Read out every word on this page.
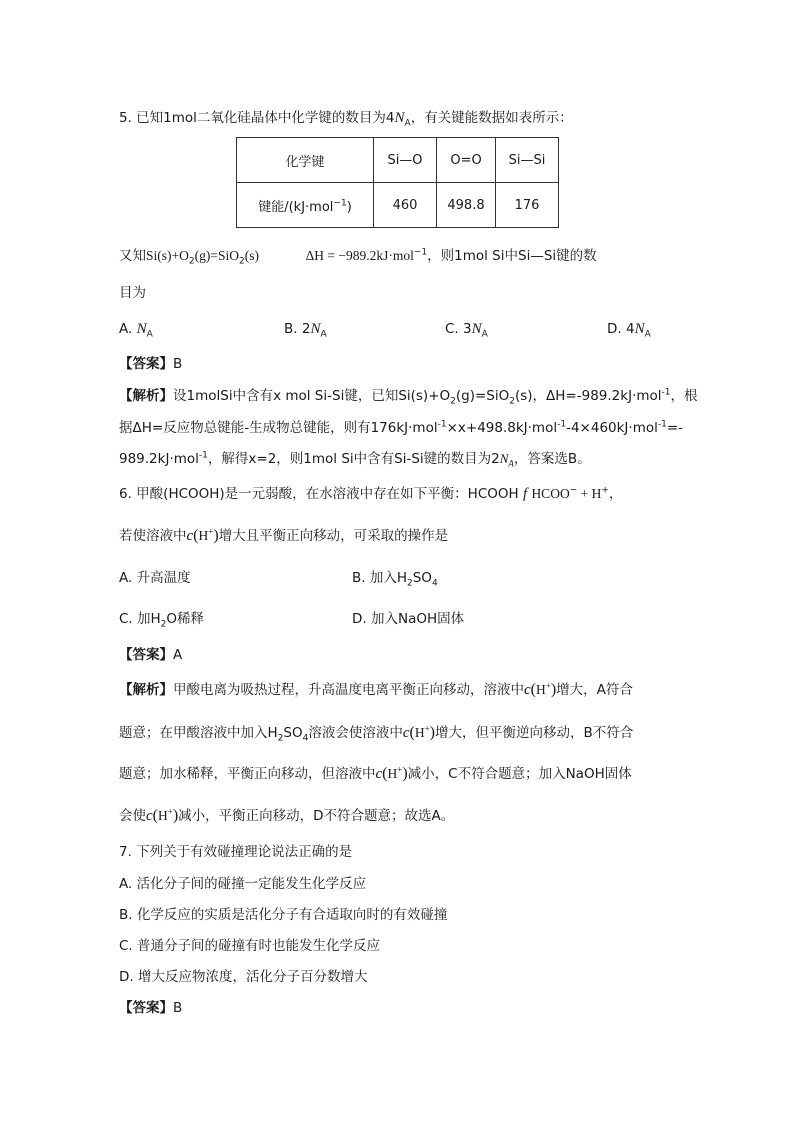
5. 已知1mol二氧化硅晶体中化学键的数目为$4N_A$，有关键能数据如表所示：
化学键	Si—O	O=O	Si—Si
键能/(kJ·mol$^{-1}$)	460	498.8	176
又知$Si(s)+O_2(g)=SiO_2(s)$	ΔH = −989.2kJ·mol$^{-1}$，则1mol Si中Si—Si键的数
目为
A. $N_A$	B. $2N_A$	C. $3N_A$	D. $4N_A$
【答案】B
【解析】设1molSi中含有x mol Si-Si键，已知$Si(s)+O_2(g)=SiO_2(s)$，ΔH=-989.2kJ·mol$^{-1}$，根
据ΔH=反应物总键能-生成物总键能，则有176kJ·mol$^{-1}$×x+498.8kJ·mol$^{-1}$-4×460kJ·mol$^{-1}$=-
989.2kJ·mol$^{-1}$，解得x=2，则1mol Si中含有Si-Si键的数目为$2N_A$，答案选B。
6. 甲酸(HCOOH)是一元弱酸，在水溶液中存在如下平衡：HCOOH f HCOO− + H+，
若使溶液中c(H+)增大且平衡正向移动，可采取的操作是
A. 升高温度	B. 加入$H_2SO_4$
C. 加$H_2O$稀释	D. 加入NaOH固体
【答案】A
【解析】甲酸电离为吸热过程，升高温度电离平衡正向移动，溶液中c(H+)增大，A符合
题意；在甲酸溶液中加入$H_2SO_4$溶液会使溶液中c(H+)增大，但平衡逆向移动，B不符合
题意；加水稀释，平衡正向移动，但溶液中c(H+)减小，C不符合题意；加入NaOH固体
会使c(H+)减小，平衡正向移动，D不符合题意；故选A。
7. 下列关于有效碰撞理论说法正确的是
A. 活化分子间的碰撞一定能发生化学反应
B. 化学反应的实质是活化分子有合适取向时的有效碰撞
C. 普通分子间的碰撞有时也能发生化学反应
D. 增大反应物浓度，活化分子百分数增大
【答案】B
